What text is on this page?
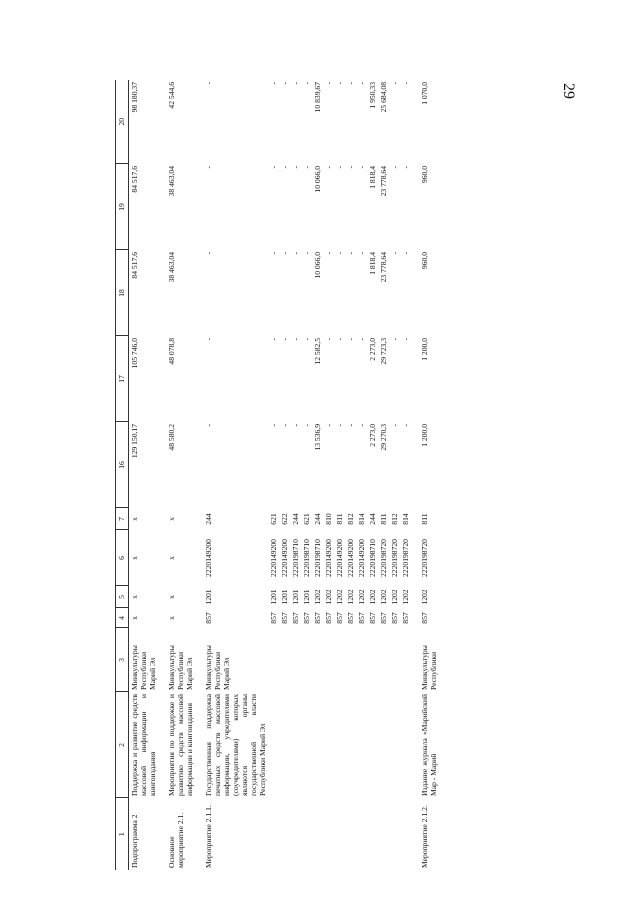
29
1	2	3	4	5	6	7	16	17	18	19	20
Подпрограмма 2	Поддержка и развитие средств массовой информации и книгоиздания	Минкультуры Республики Марий Эл	x	x	x	x	129 150,17	105 746,0	84 517,6	84 517,6	98 180,37
Основное мероприятие 2.1.	Мероприятия по поддержке и развитию средств массовой информации и книгоиздания	Минкультуры Республики Марий Эл	x	x	x	x	48 580,2	48 078,8	38 463,04	38 463,04	42 544,6
Мероприятие 2.1.1.	Государственная поддержка печатных средств массовой информации, учредителями (соучредителями) которых являются органы государственной власти Республики Марий Эл	Минкультуры Республики Марий Эл	857	1201	2220149200	244	-	-	-	-	-
			857	1201	2220149200	621	-	-	-	-	-
			857	1201	2220149200	622	-	-	-	-	-
			857	1201	2220198710	244	-	-	-	-	-
			857	1201	2220198710	621	-	-	-	-	-
			857	1202	2220198710	244	13 536,9	12 582,5	10 066,0	10 066,0	10 839,67
			857	1202	2220149200	810	-	-	-	-	-
			857	1202	2220149200	811	-	-	-	-	-
			857	1202	2220149200	812	-	-	-	-	-
			857	1202	2220149200	814	-	-	-	-	-
			857	1202	2220198710	244	2 273,0	2 273,0	1 818,4	1 818,4	1 950,33
			857	1202	2220198720	811	29 270,3	29 723,3	23 778,64	23 778,64	25 684,08
			857	1202	2220198720	812	-	-	-	-	-
			857	1202	2220198720	814	-	-	-	-	-
Мероприятие 2.1.2.	Издание журнала «Марийский Мар - Марий	Минкультуры Республики	857	1202	2220198720	811	1 200,0	1 200,0	960,0	960,0	1 070,0
